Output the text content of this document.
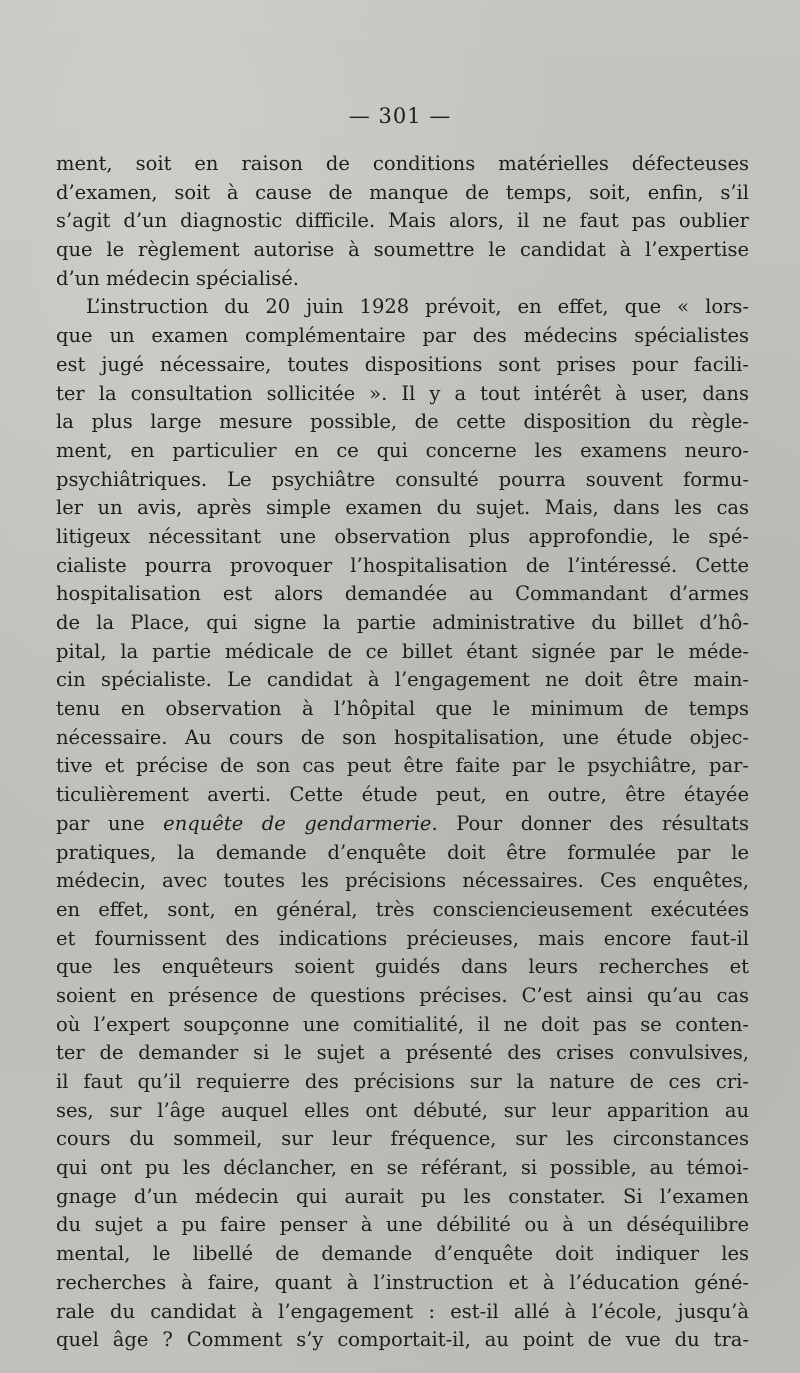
— 301 —
ment, soit en raison de conditions matérielles défecteuses
d’examen, soit à cause de manque de temps, soit, enfin, s’il
s’agit d’un diagnostic difficile. Mais alors, il ne faut pas oublier
que le règlement autorise à soumettre le candidat à l’expertise
d’un médecin spécialisé.
L’instruction du 20 juin 1928 prévoit, en effet, que « lors-
que un examen complémentaire par des médecins spécialistes
est jugé nécessaire, toutes dispositions sont prises pour facili-
ter la consultation sollicitée ». Il y a tout intérêt à user, dans
la plus large mesure possible, de cette disposition du règle-
ment, en particulier en ce qui concerne les examens neuro-
psychiâtriques. Le psychiâtre consulté pourra souvent formu-
ler un avis, après simple examen du sujet. Mais, dans les cas
litigeux nécessitant une observation plus approfondie, le spé-
cialiste pourra provoquer l’hospitalisation de l’intéressé. Cette
hospitalisation est alors demandée au Commandant d’armes
de la Place, qui signe la partie administrative du billet d’hô-
pital, la partie médicale de ce billet étant signée par le méde-
cin spécialiste. Le candidat à l’engagement ne doit être main-
tenu en observation à l’hôpital que le minimum de temps
nécessaire. Au cours de son hospitalisation, une étude objec-
tive et précise de son cas peut être faite par le psychiâtre, par-
ticulièrement averti. Cette étude peut, en outre, être étayée
par une enquête de gendarmerie. Pour donner des résultats
pratiques, la demande d’enquête doit être formulée par le
médecin, avec toutes les précisions nécessaires. Ces enquêtes,
en effet, sont, en général, très consciencieusement exécutées
et fournissent des indications précieuses, mais encore faut-il
que les enquêteurs soient guidés dans leurs recherches et
soient en présence de questions précises. C’est ainsi qu’au cas
où l’expert soupçonne une comitialité, il ne doit pas se conten-
ter de demander si le sujet a présenté des crises convulsives,
il faut qu’il requierre des précisions sur la nature de ces cri-
ses, sur l’âge auquel elles ont débuté, sur leur apparition au
cours du sommeil, sur leur fréquence, sur les circonstances
qui ont pu les déclancher, en se référant, si possible, au témoi-
gnage d’un médecin qui aurait pu les constater. Si l’examen
du sujet a pu faire penser à une débilité ou à un déséquilibre
mental, le libellé de demande d’enquête doit indiquer les
recherches à faire, quant à l’instruction et à l’éducation géné-
rale du candidat à l’engagement : est-il allé à l’école, jusqu’à
quel âge ? Comment s’y comportait-il, au point de vue du tra-
